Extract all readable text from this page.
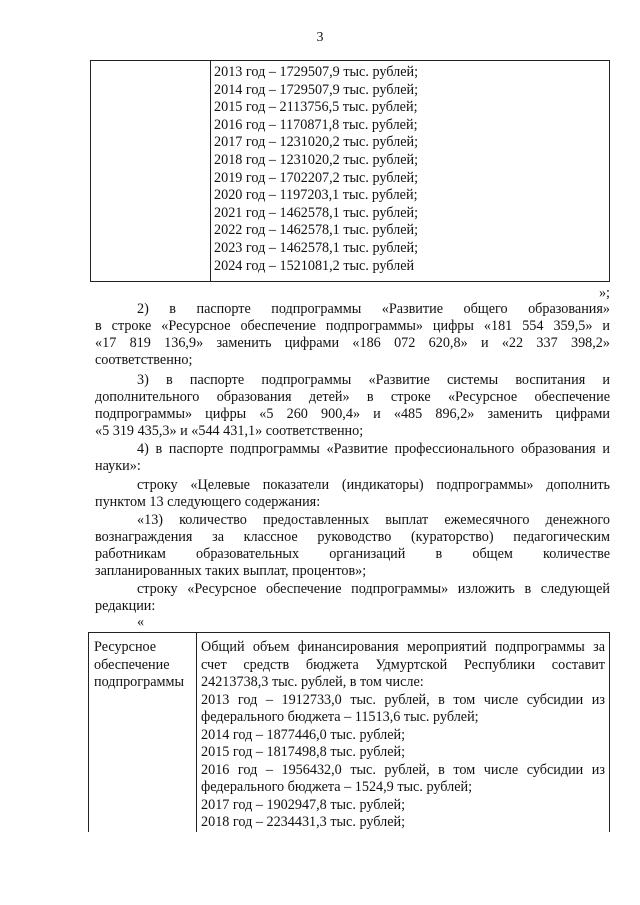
3
2013 год – 1729507,9 тыс. рублей;
2014 год – 1729507,9 тыс. рублей;
2015 год – 2113756,5 тыс. рублей;
2016 год – 1170871,8 тыс. рублей;
2017 год – 1231020,2 тыс. рублей;
2018 год – 1231020,2 тыс. рублей;
2019 год – 1702207,2 тыс. рублей;
2020 год – 1197203,1 тыс. рублей;
2021 год – 1462578,1 тыс. рублей;
2022 год – 1462578,1 тыс. рублей;
2023 год – 1462578,1 тыс. рублей;
2024 год – 1521081,2 тыс. рублей
»;
2) в паспорте подпрограммы «Развитие общего образования»
в строке «Ресурсное обеспечение подпрограммы» цифры «181 554 359,5» и
«17 819 136,9» заменить цифрами «186 072 620,8» и «22 337 398,2»
соответственно;
3) в паспорте подпрограммы «Развитие системы воспитания и
дополнительного образования детей» в строке «Ресурсное обеспечение
подпрограммы» цифры «5 260 900,4» и «485 896,2» заменить цифрами
«5 319 435,3» и «544 431,1» соответственно;
4) в паспорте подпрограммы «Развитие профессионального образования и
науки»:
строку «Целевые показатели (индикаторы) подпрограммы» дополнить
пунктом 13 следующего содержания:
«13) количество предоставленных выплат ежемесячного денежного
вознаграждения за классное руководство (кураторство) педагогическим
работникам образовательных организаций в общем количестве
запланированных таких выплат, процентов»;
строку «Ресурсное обеспечение подпрограммы» изложить в следующей
редакции:
«
Ресурсное
обеспечение
подпрограммы
Общий объем финансирования мероприятий подпрограммы за
счет средств бюджета Удмуртской Республики составит
24213738,3 тыс. рублей, в том числе:
2013 год – 1912733,0 тыс. рублей, в том числе субсидии из
федерального бюджета – 11513,6 тыс. рублей;
2014 год – 1877446,0 тыс. рублей;
2015 год – 1817498,8 тыс. рублей;
2016 год – 1956432,0 тыс. рублей, в том числе субсидии из
федерального бюджета – 1524,9 тыс. рублей;
2017 год – 1902947,8 тыс. рублей;
2018 год – 2234431,3 тыс. рублей;
